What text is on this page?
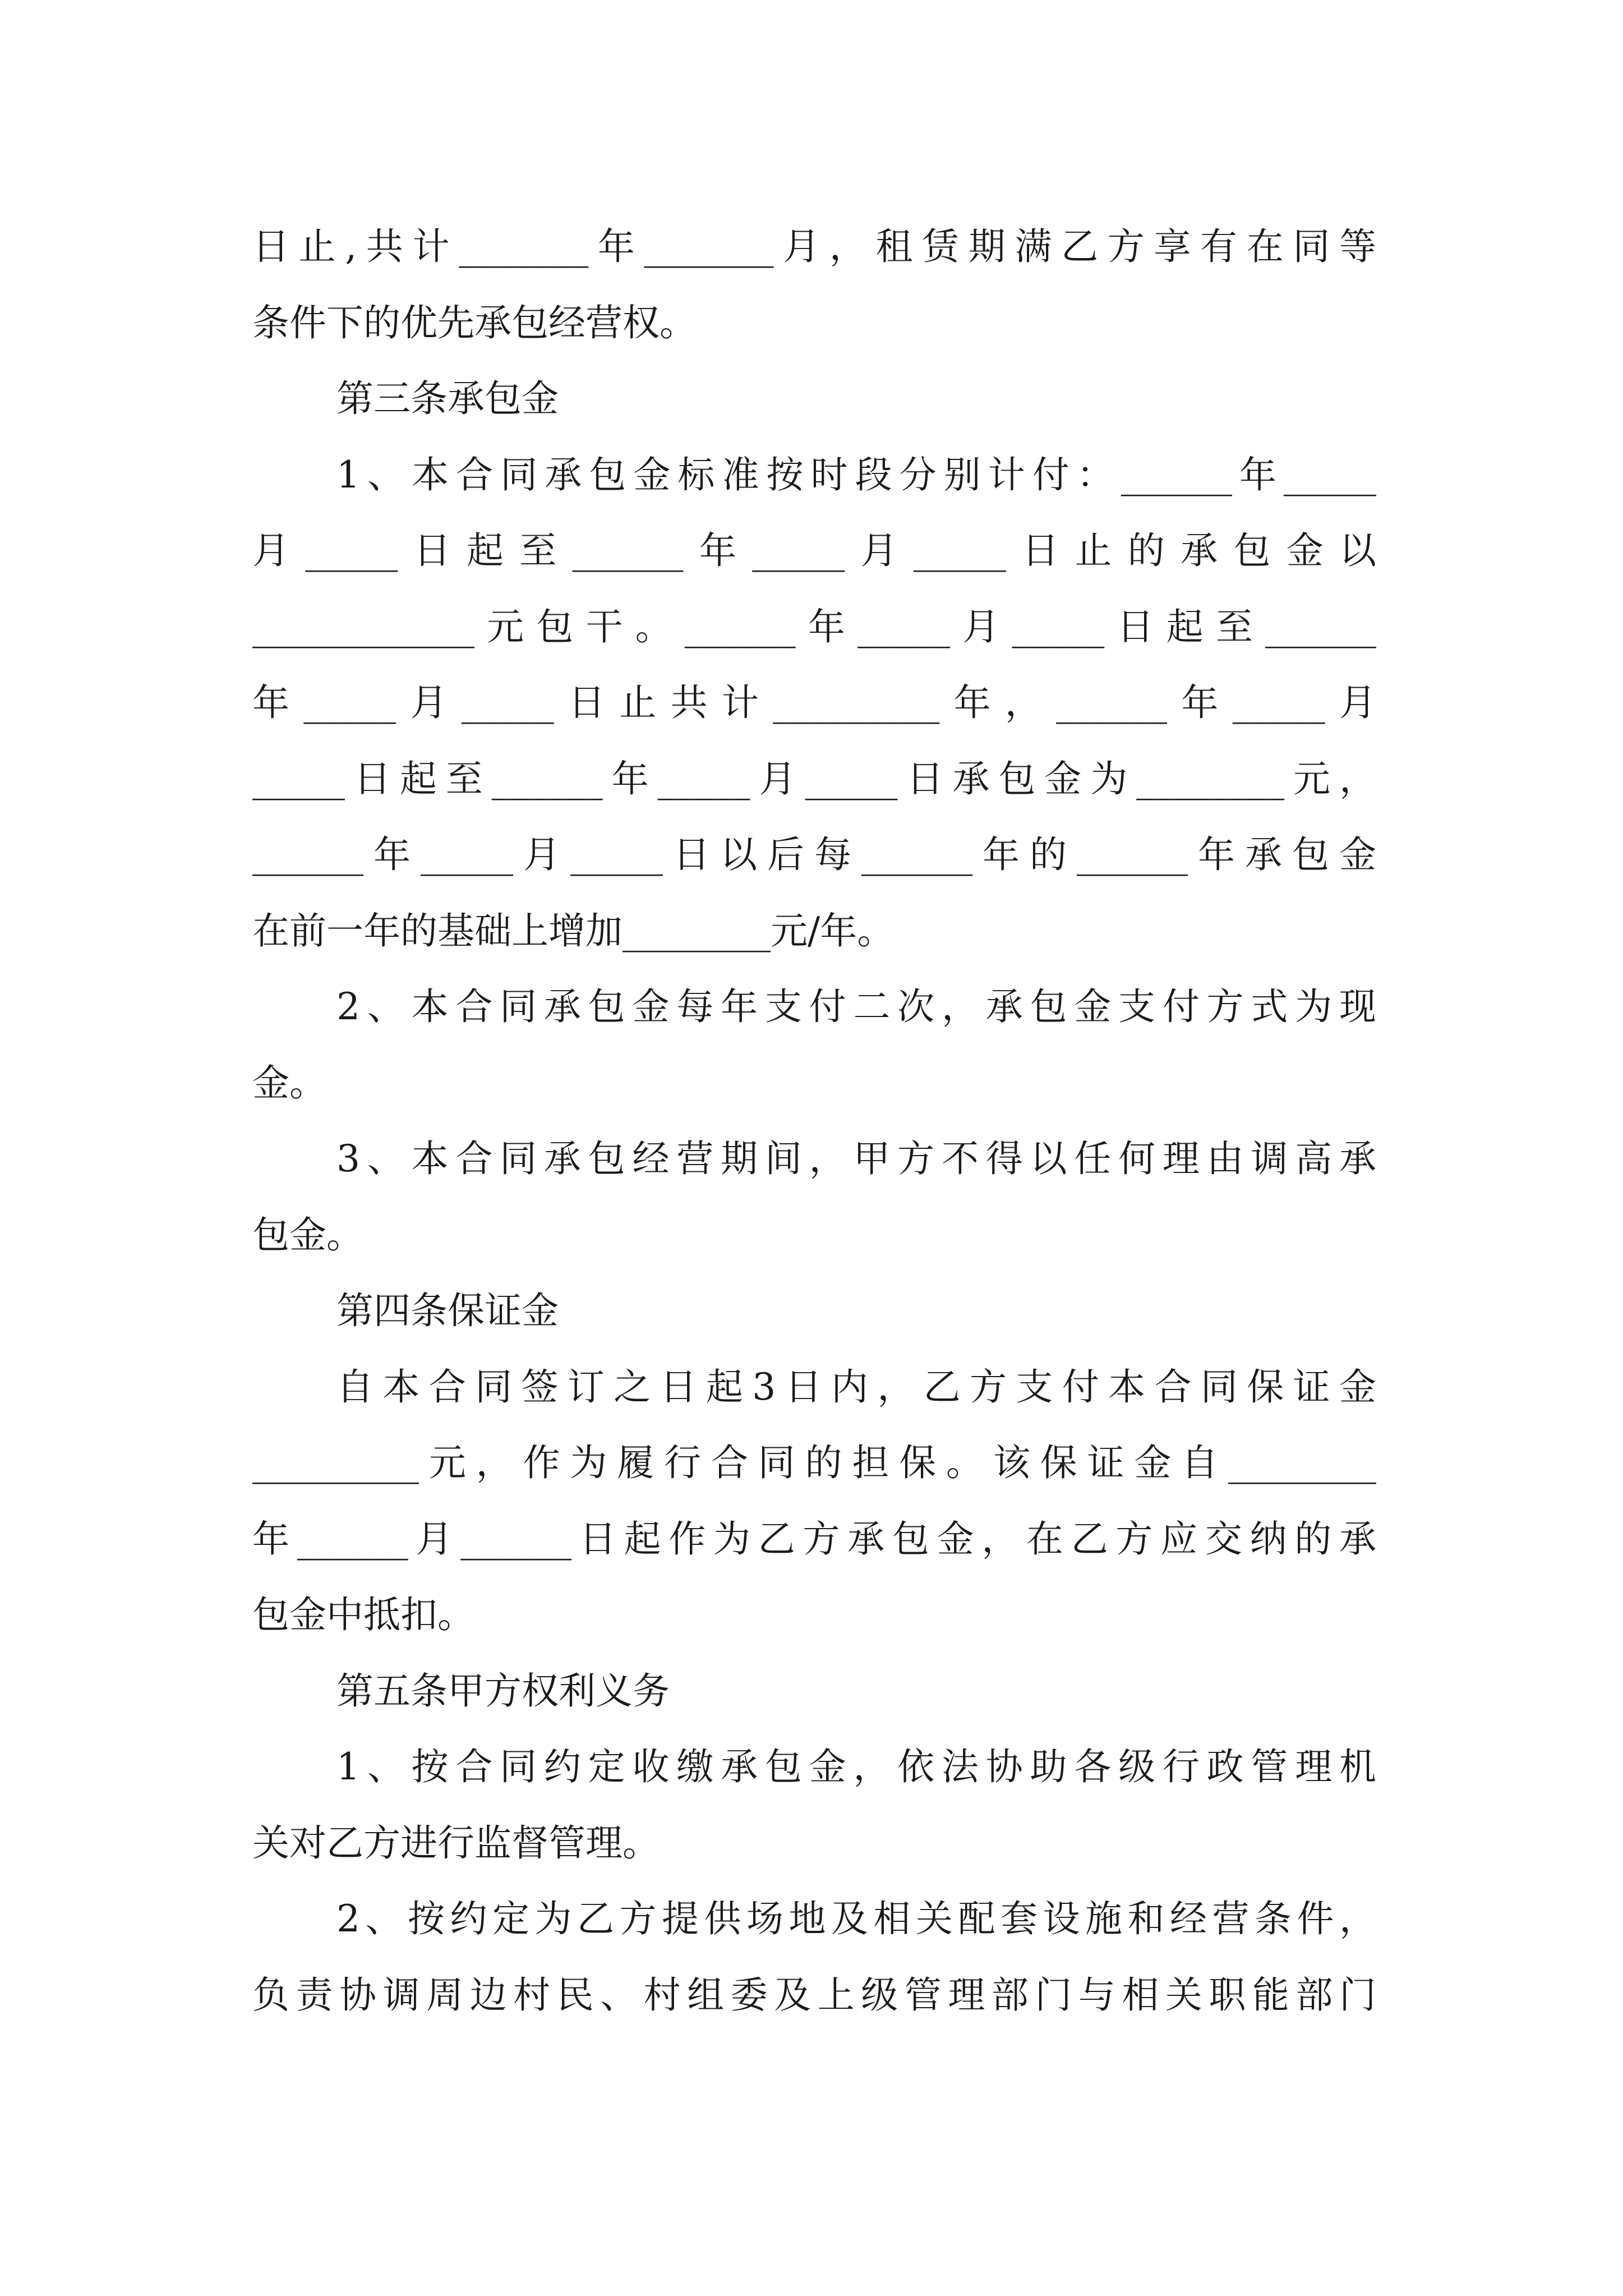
日止,共计_______年_______月，租赁期满乙方享有在同等
条件下的优先承包经营权。
第三条承包金
1、本合同承包金标准按时段分别计付：______年_____
月_____日起至______年_____月_____日止的承包金以
____________元包干。______年_____月_____日起至______
年_____月_____日止共计_________年，______年_____月
_____日起至______年_____月_____日承包金为________元，
______年_____月_____日以后每______年的______年承包金
在前一年的基础上增加________元/年。
2、本合同承包金每年支付二次，承包金支付方式为现
金。
3、本合同承包经营期间，甲方不得以任何理由调高承
包金。
第四条保证金
自本合同签订之日起3日内，乙方支付本合同保证金
_________元，作为履行合同的担保。该保证金自________
年______月______日起作为乙方承包金，在乙方应交纳的承
包金中抵扣。
第五条甲方权利义务
1、按合同约定收缴承包金，依法协助各级行政管理机
关对乙方进行监督管理。
2、按约定为乙方提供场地及相关配套设施和经营条件，
负责协调周边村民、村组委及上级管理部门与相关职能部门
